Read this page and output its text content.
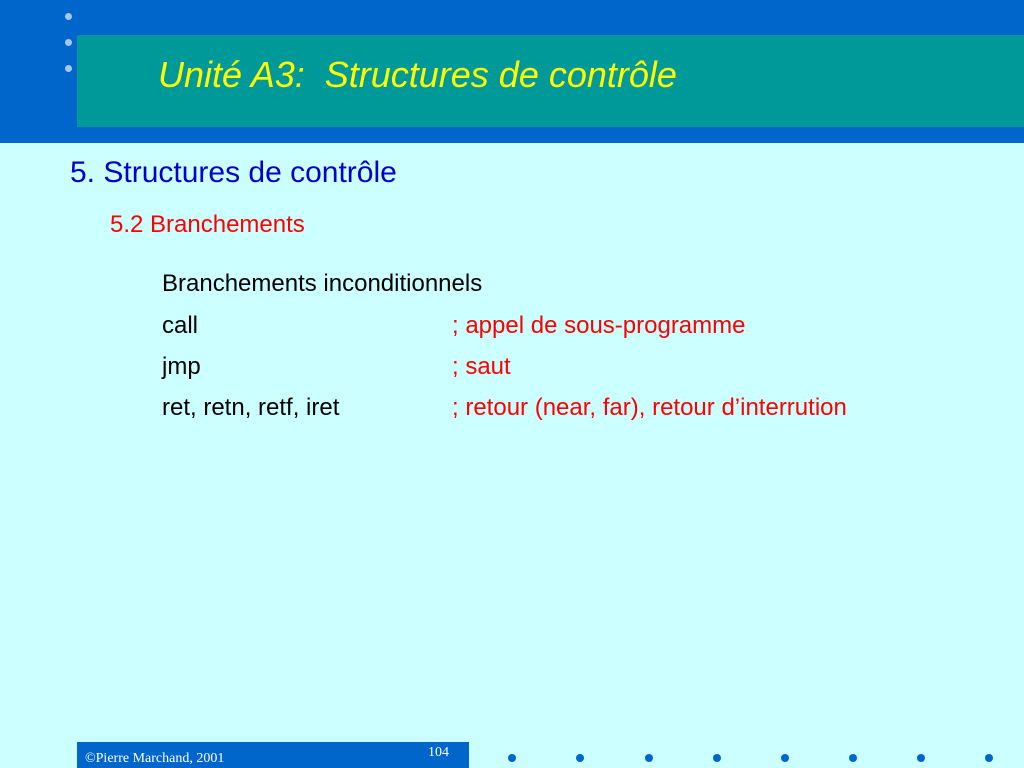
Unité A3:  Structures de contrôle
5. Structures de contrôle
5.2 Branchements
Branchements inconditionnels
call	; appel de sous-programme
jmp	; saut
ret, retn, retf, iret	; retour (near, far), retour d’interrution
©Pierre Marchand, 2001	104
